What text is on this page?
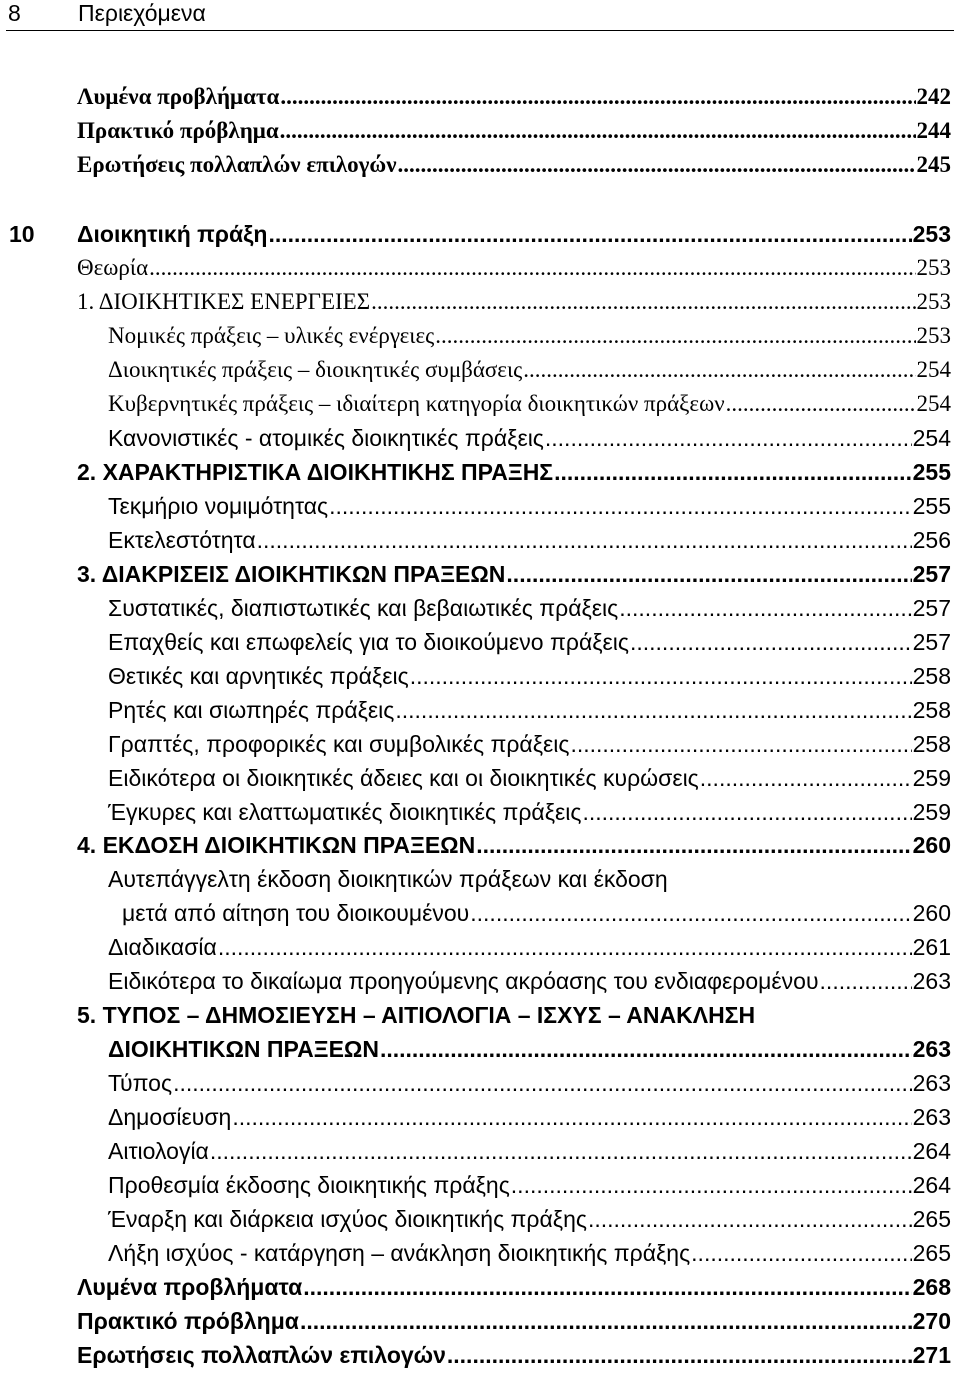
8 Περιεχόμενα
Λυμένα προβλήματα .....	242
Πρακτικό πρόβλημα .....	244
Ερωτήσεις πολλαπλών επιλογών .....	245
10 Διοικητική πράξη .....	253
Θεωρία .....	253
1. ΔΙΟΙΚΗΤΙΚΕΣ ΕΝΕΡΓΕΙΕΣ .....	253
Νομικές πράξεις – υλικές ενέργειες .....	253
Διοικητικές πράξεις – διοικητικές συμβάσεις .....	254
Κυβερνητικές πράξεις – ιδιαίτερη κατηγορία διοικητικών πράξεων .....	254
Κανονιστικές - ατομικές διοικητικές πράξεις .....	254
2. ΧΑΡΑΚΤΗΡΙΣΤΙΚΑ ΔΙΟΙΚΗΤΙΚΗΣ ΠΡΑΞΗΣ .....	255
Τεκμήριο νομιμότητας .....	255
Εκτελεστότητα .....	256
3. ΔΙΑΚΡΙΣΕΙΣ ΔΙΟΙΚΗΤΙΚΩΝ ΠΡΑΞΕΩΝ .....	257
Συστατικές, διαπιστωτικές και βεβαιωτικές πράξεις .....	257
Επαχθείς και επωφελείς για το διοικούμενο πράξεις .....	257
Θετικές και αρνητικές πράξεις .....	258
Ρητές και σιωπηρές πράξεις .....	258
Γραπτές, προφορικές και συμβολικές πράξεις .....	258
Ειδικότερα οι διοικητικές άδειες και οι διοικητικές κυρώσεις .....	259
Έγκυρες και ελαττωματικές διοικητικές πράξεις .....	259
4. ΕΚΔΟΣΗ ΔΙΟΙΚΗΤΙΚΩΝ ΠΡΑΞΕΩΝ .....	260
Αυτεπάγγελτη έκδοση διοικητικών πράξεων και έκδοση
μετά από αίτηση του διοικουμένου .....	260
Διαδικασία .....	261
Ειδικότερα το δικαίωμα προηγούμενης ακρόασης του ενδιαφερομένου .....	263
5. ΤΥΠΟΣ – ΔΗΜΟΣΙΕΥΣΗ – ΑΙΤΙΟΛΟΓΙΑ – ΙΣΧΥΣ – ΑΝΑΚΛΗΣΗ
ΔΙΟΙΚΗΤΙΚΩΝ ΠΡΑΞΕΩΝ .....	263
Τύπος .....	263
Δημοσίευση .....	263
Αιτιολογία .....	264
Προθεσμία έκδοσης διοικητικής πράξης .....	264
Έναρξη και διάρκεια ισχύος διοικητικής πράξης .....	265
Λήξη ισχύος - κατάργηση – ανάκληση διοικητικής πράξης .....	265
Λυμένα προβλήματα .....	268
Πρακτικό πρόβλημα .....	270
Ερωτήσεις πολλαπλών επιλογών .....	271
